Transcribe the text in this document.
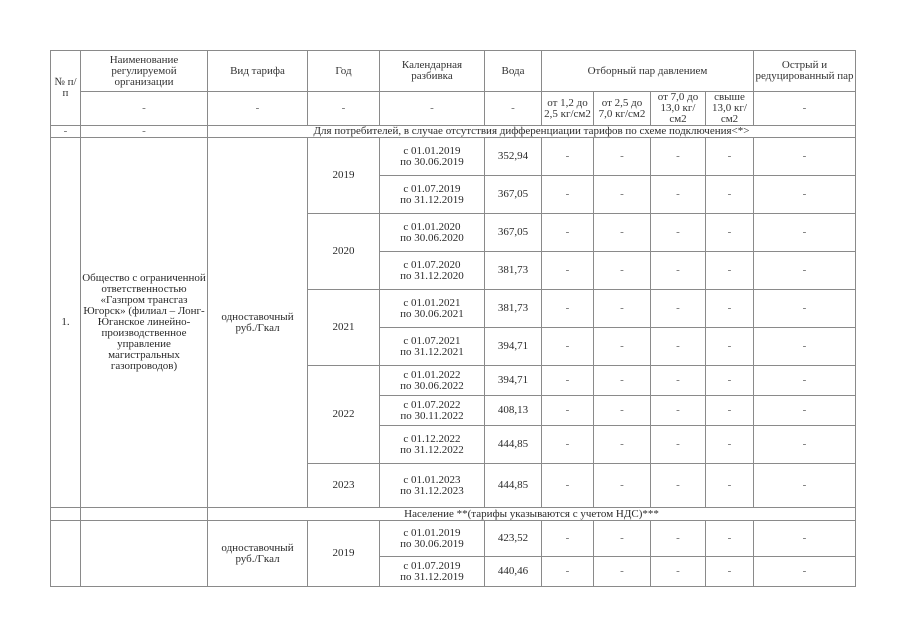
№ п/п	Наименование регулируемой организации	Вид тарифа	Год	Календарная разбивка	Вода	Отборный пар давлением				Острый и редуцированный пар
	-	-	-	-	-	от 1,2 до 2,5 кг/см2	от 2,5 до 7,0 кг/см2	от 7,0 до 13,0 кг/см2	свыше 13,0 кг/см2	-
-	-	Для потребителей, в случае отсутствия дифференциации тарифов по схеме подключения<*>								
1.	Общество с ограниченной ответственностью «Газпром трансгаз Югорск» (филиал – Лонг-Юганское линейно-производственное управление магистральных газопроводов)	одноставочный руб./Гкал	2019	с 01.01.2019
по 30.06.2019	352,94	-	-	-	-	-

				с 01.07.2019
по 31.12.2019	367,05	-	-	-	-	-
			2020	с 01.01.2020
по 30.06.2020	367,05	-	-	-	-	-

				с 01.07.2020
по 31.12.2020	381,73	-	-	-	-	-
			2021	с 01.01.2021
по 30.06.2021	381,73	-	-	-	-	-

				с 01.07.2021
по 31.12.2021	394,71	-	-	-	-	-
			2022	с 01.01.2022
по 30.06.2022	394,71	-	-	-	-	-

				с 01.07.2022
по 30.11.2022	408,13	-	-	-	-	-

				с 01.12.2022
по 31.12.2022	444,85	-	-	-	-	-
			2023	с 01.01.2023
по 31.12.2023	444,85	-	-	-	-	-
		Население **(тарифы указываются с учетом НДС)***								
		одноставочный руб./Гкал	2019	с 01.01.2019
по 30.06.2019	423,52	-	-	-	-	-

				с 01.07.2019
по 31.12.2019	440,46	-	-	-	-	-
